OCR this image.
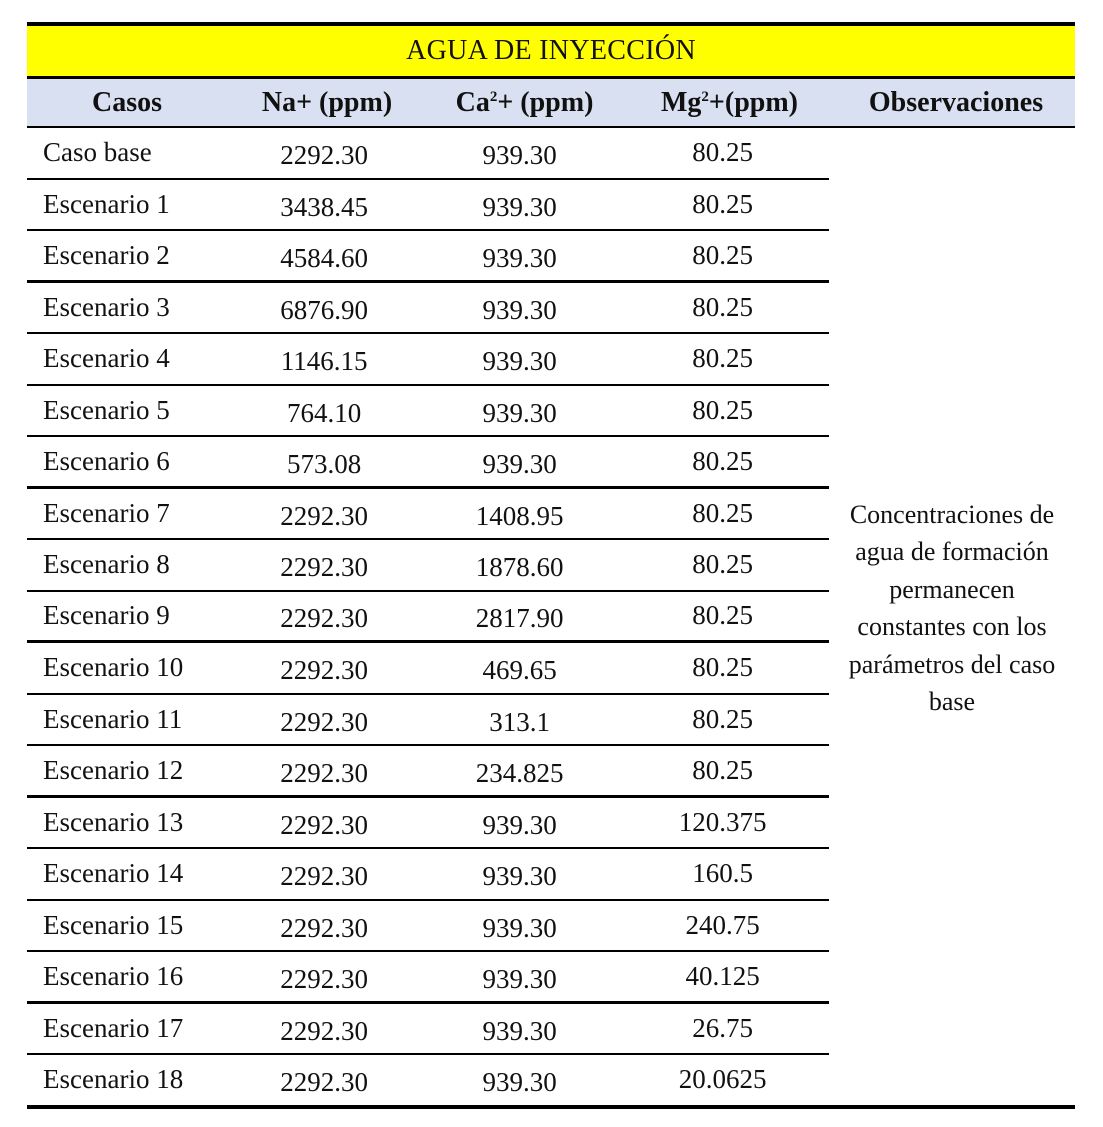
AGUA DE INYECCIÓN
Casos	Na+ (ppm)	$Ca^2+ (ppm)$	$Mg^2+(ppm)$	Observaciones
Caso base	2292.30	939.30	80.25
Escenario 1	3438.45	939.30	80.25
Escenario 2	4584.60	939.30	80.25
Escenario 3	6876.90	939.30	80.25
Escenario 4	1146.15	939.30	80.25
Escenario 5	764.10	939.30	80.25
Escenario 6	573.08	939.30	80.25
Escenario 7	2292.30	1408.95	80.25
Escenario 8	2292.30	1878.60	80.25
Escenario 9	2292.30	2817.90	80.25
Escenario 10	2292.30	469.65	80.25
Escenario 11	2292.30	313.1	80.25
Escenario 12	2292.30	234.825	80.25
Escenario 13	2292.30	939.30	120.375
Escenario 14	2292.30	939.30	160.5
Escenario 15	2292.30	939.30	240.75
Escenario 16	2292.30	939.30	40.125
Escenario 17	2292.30	939.30	26.75
Escenario 18	2292.30	939.30	20.0625
Concentraciones de agua de formación permanecen constantes con los parámetros del caso base
